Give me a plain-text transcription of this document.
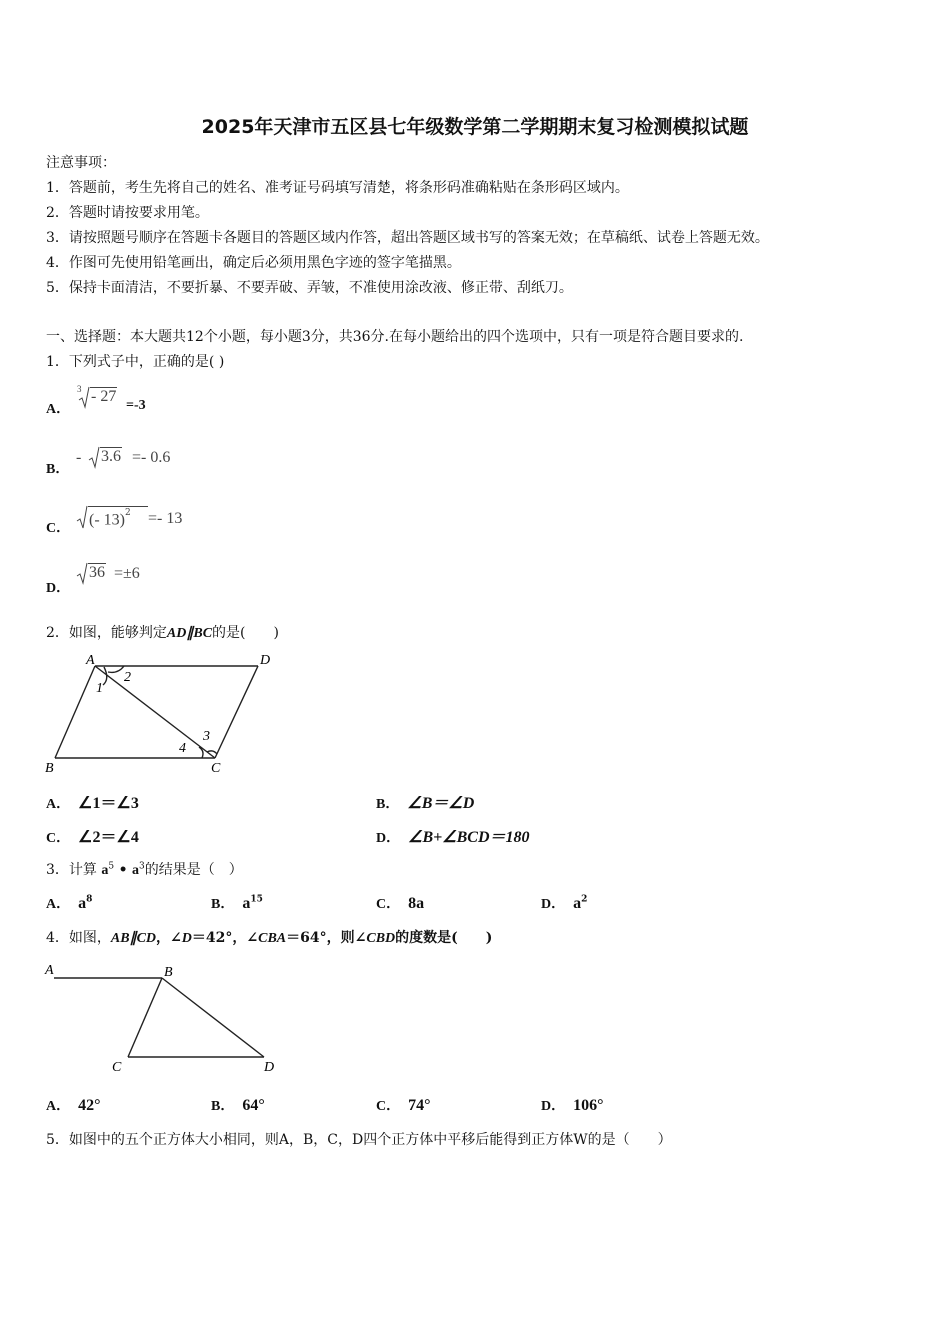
2025年天津市五区县七年级数学第二学期期末复习检测模拟试题
注意事项：
1．答题前，考生先将自己的姓名、准考证号码填写清楚，将条形码准确粘贴在条形码区域内。
2．答题时请按要求用笔。
3．请按照题号顺序在答题卡各题目的答题区域内作答，超出答题区域书写的答案无效；在草稿纸、试卷上答题无效。
4．作图可先使用铅笔画出，确定后必须用黑色字迹的签字笔描黑。
5．保持卡面清洁，不要折暴、不要弄破、弄皱，不准使用涂改液、修正带、刮纸刀。
一、选择题：本大题共12个小题，每小题3分，共36分.在每小题给出的四个选项中，只有一项是符合题目要求的.
1．下列式子中，正确的是( )
A．
3 - 27
=-3
B．
- 3.6 =- 0.6
C．
(- 13)$^2$	=- 13
D．
36 =±6
2．如图，能够判定AD∥BC的是(　　)
A	D
B	C
1
2
3
4
A． ∠1＝∠3	B． ∠B＝∠D
C． ∠2＝∠4	D． ∠B+∠BCD＝180
3．计算 $a^5$ • $a^3$的结果是（　）
A． $a^8$	B． $a^{15}$	C． 8a	D． $a^2$
4．如图，AB∥CD，∠D＝42°，∠CBA＝64°，则∠CBD的度数是(　　)
A	B
C	D
A． 42°	B． 64°	C． 74°	D． 106°
5．如图中的五个正方体大小相同，则A，B，C，D四个正方体中平移后能得到正方体W的是（　　）
